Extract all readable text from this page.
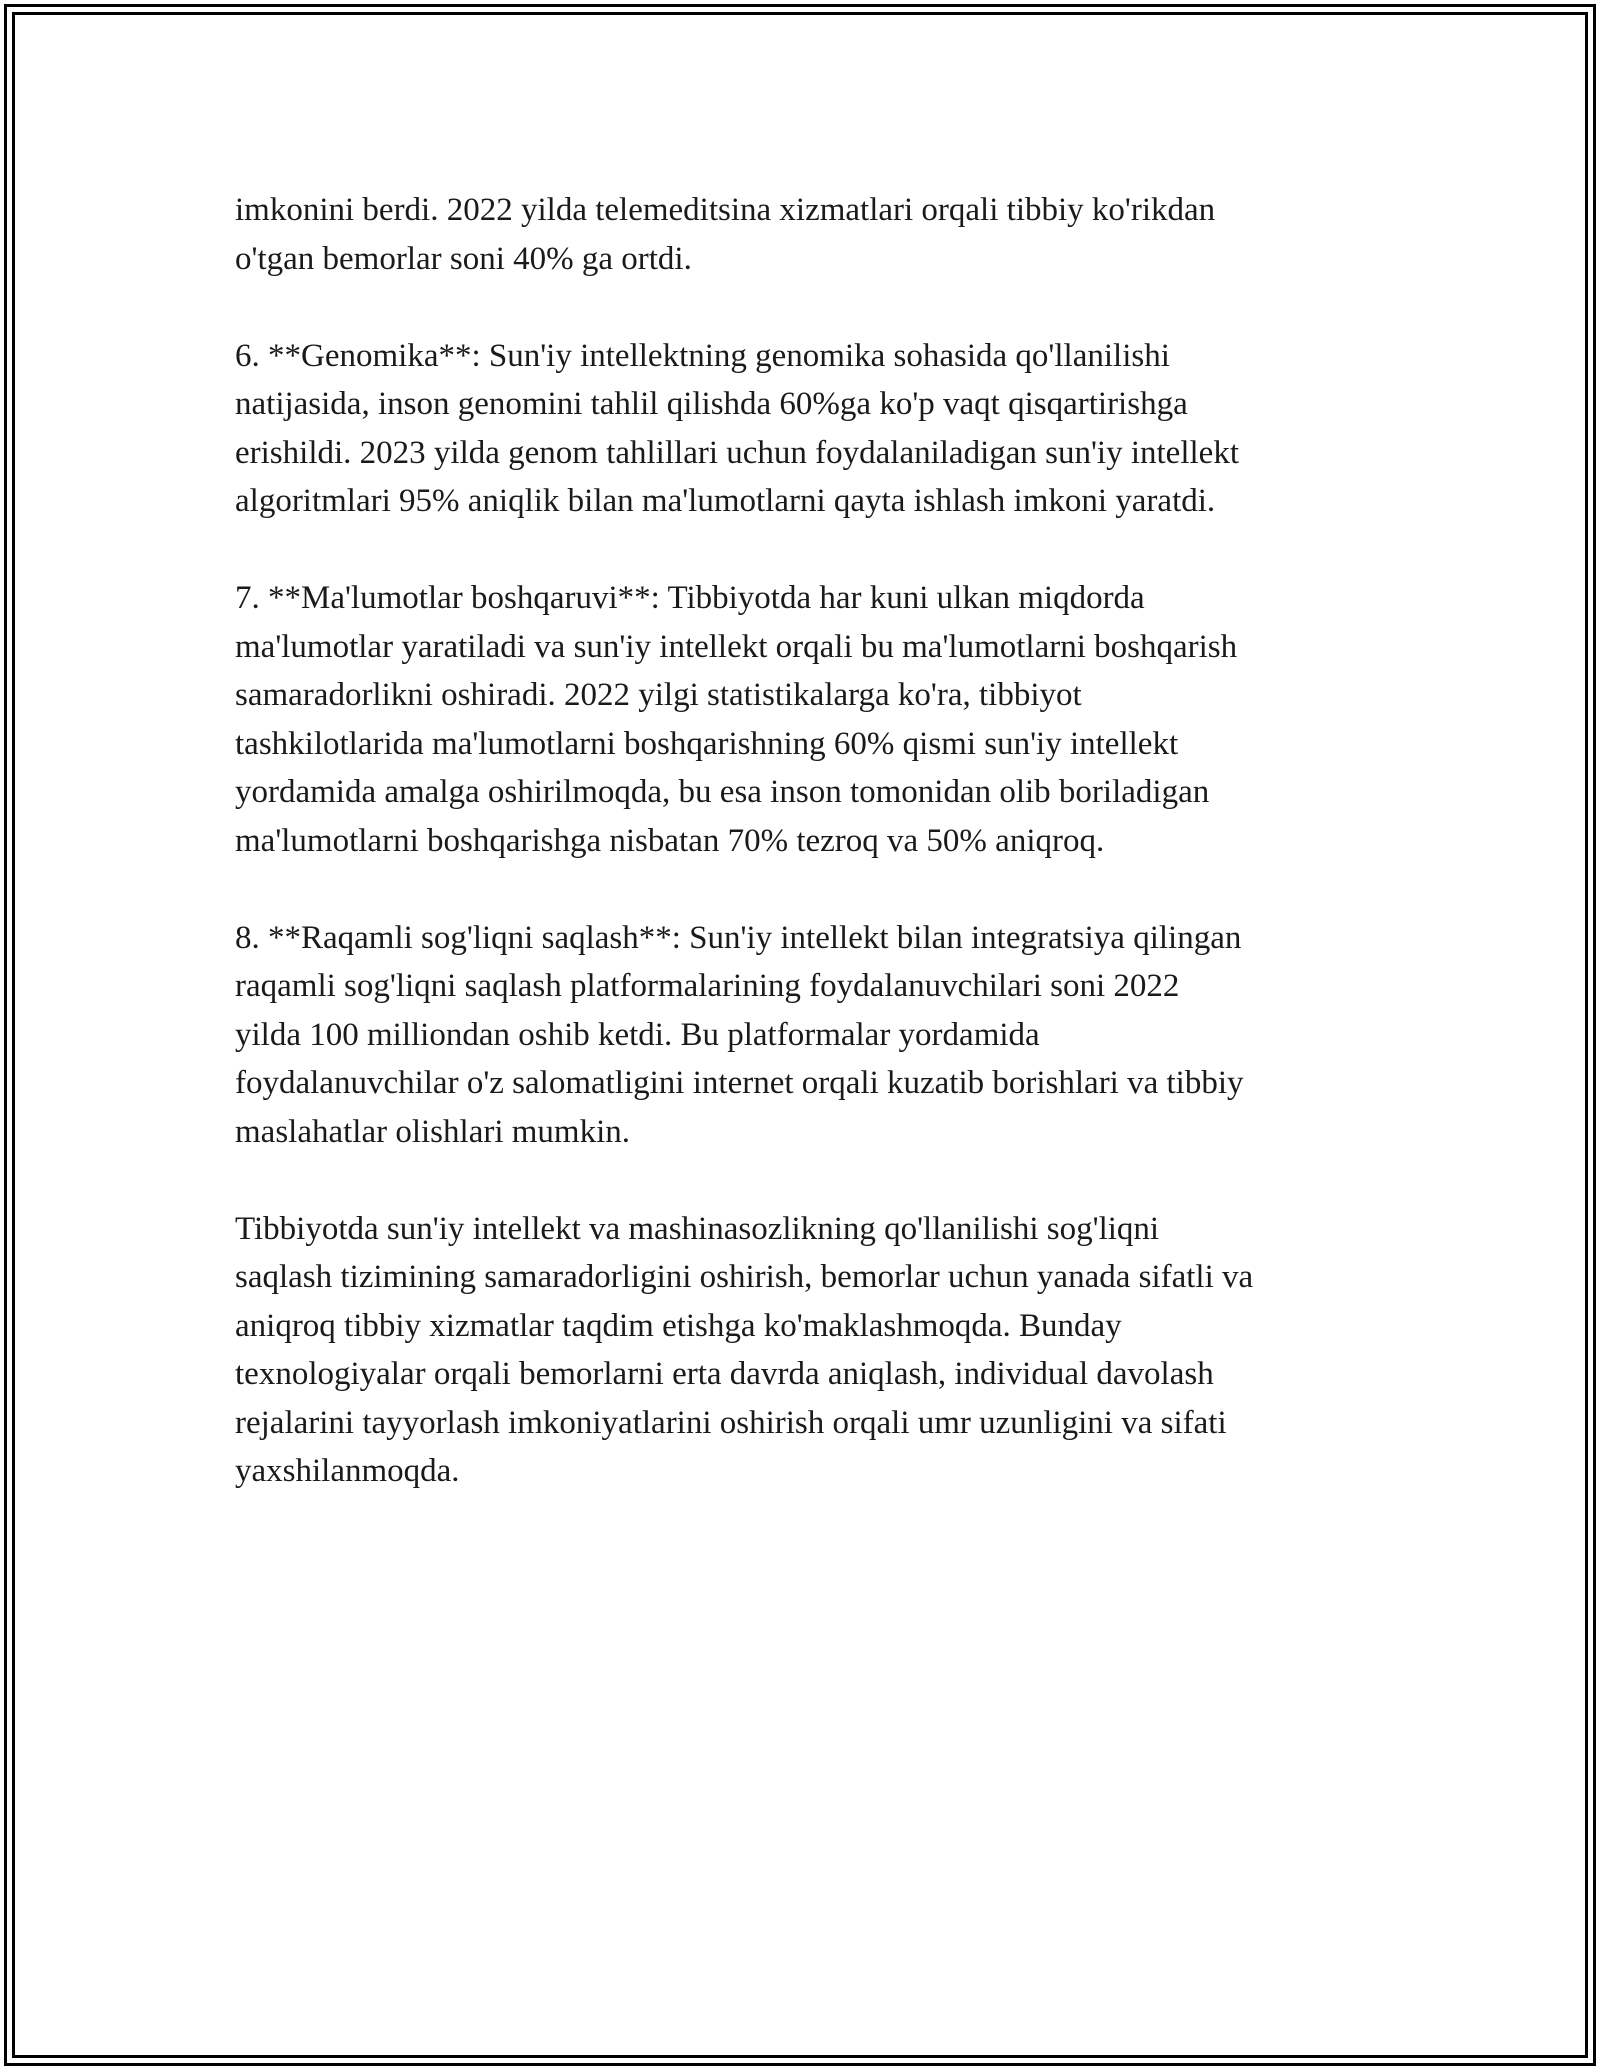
imkonini berdi. 2022 yilda telemeditsina xizmatlari orqali tibbiy ko'rikdan
o'tgan bemorlar soni 40% ga ortdi.

6. **Genomika**: Sun'iy intellektning genomika sohasida qo'llanilishi
natijasida, inson genomini tahlil qilishda 60%ga ko'p vaqt qisqartirishga
erishildi. 2023 yilda genom tahlillari uchun foydalaniladigan sun'iy intellekt
algoritmlari 95% aniqlik bilan ma'lumotlarni qayta ishlash imkoni yaratdi.

7. **Ma'lumotlar boshqaruvi**: Tibbiyotda har kuni ulkan miqdorda
ma'lumotlar yaratiladi va sun'iy intellekt orqali bu ma'lumotlarni boshqarish
samaradorlikni oshiradi. 2022 yilgi statistikalarga ko'ra, tibbiyot
tashkilotlarida ma'lumotlarni boshqarishning 60% qismi sun'iy intellekt
yordamida amalga oshirilmoqda, bu esa inson tomonidan olib boriladigan
ma'lumotlarni boshqarishga nisbatan 70% tezroq va 50% aniqroq.

8. **Raqamli sog'liqni saqlash**: Sun'iy intellekt bilan integratsiya qilingan
raqamli sog'liqni saqlash platformalarining foydalanuvchilari soni 2022
yilda 100 milliondan oshib ketdi. Bu platformalar yordamida
foydalanuvchilar o'z salomatligini internet orqali kuzatib borishlari va tibbiy
maslahatlar olishlari mumkin.

Tibbiyotda sun'iy intellekt va mashinasozlikning qo'llanilishi sog'liqni
saqlash tizimining samaradorligini oshirish, bemorlar uchun yanada sifatli va
aniqroq tibbiy xizmatlar taqdim etishga ko'maklashmoqda. Bunday
texnologiyalar orqali bemorlarni erta davrda aniqlash, individual davolash
rejalarini tayyorlash imkoniyatlarini oshirish orqali umr uzunligini va sifati
yaxshilanmoqda.
